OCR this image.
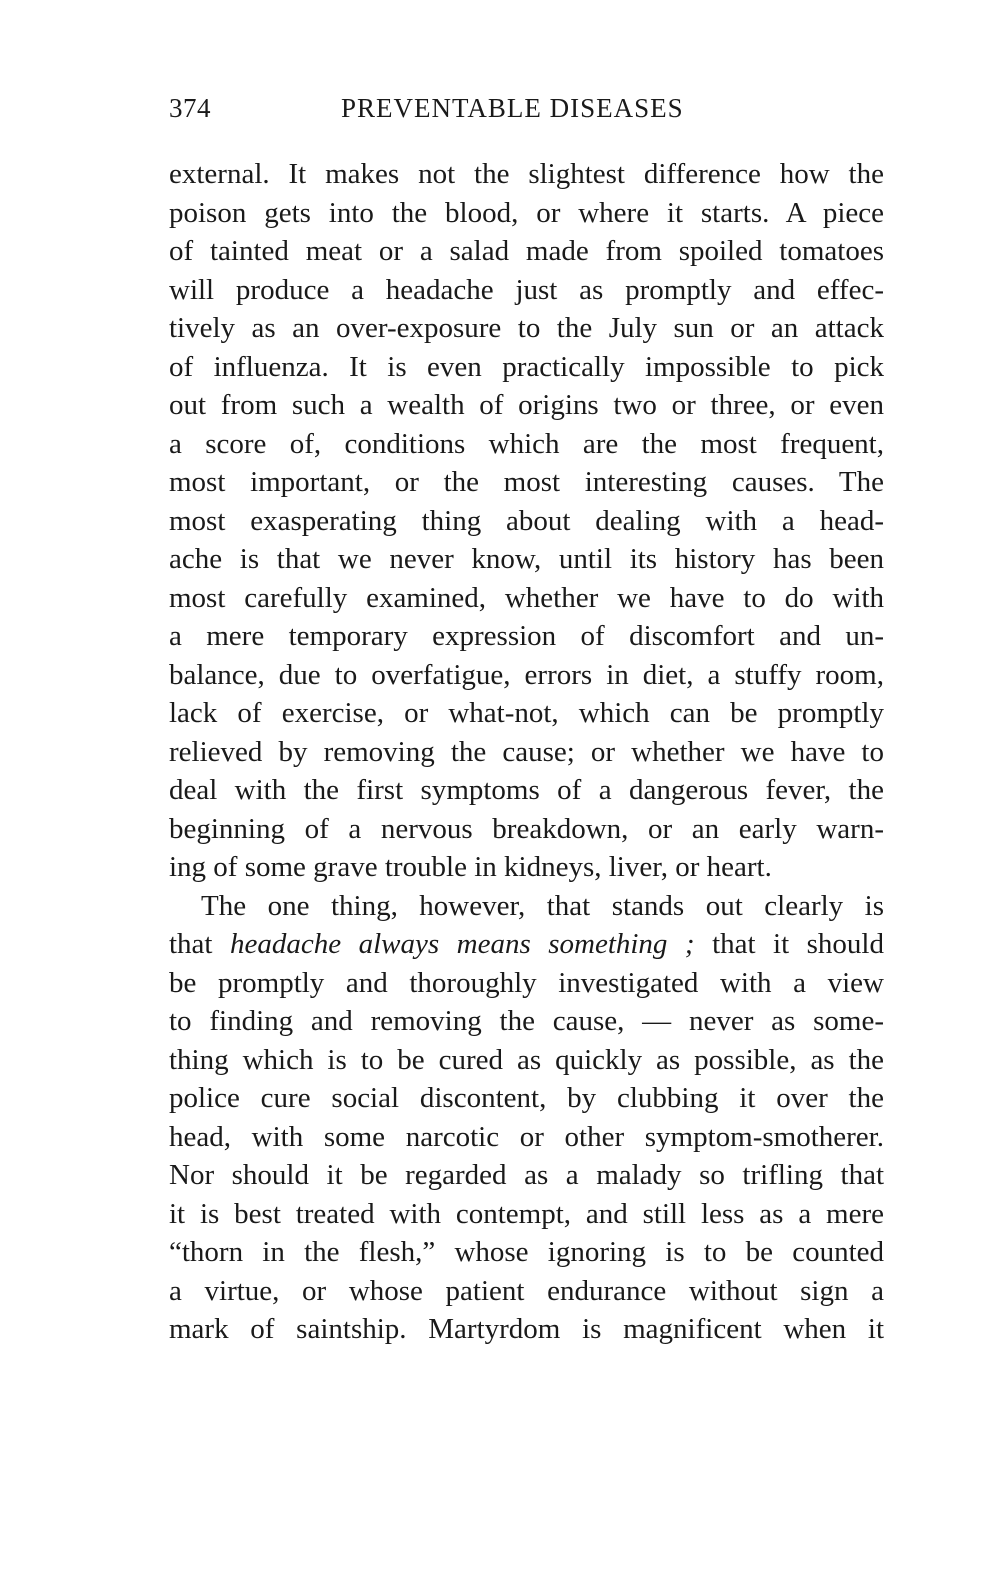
374	PREVENTABLE DISEASES
external. It makes not the slightest difference how the
poison gets into the blood, or where it starts. A piece
of tainted meat or a salad made from spoiled tomatoes
will produce a headache just as promptly and effec-
tively as an over-exposure to the July sun or an attack
of influenza. It is even practically impossible to pick
out from such a wealth of origins two or three, or even
a score of, conditions which are the most frequent,
most important, or the most interesting causes. The
most exasperating thing about dealing with a head-
ache is that we never know, until its history has been
most carefully examined, whether we have to do with
a mere temporary expression of discomfort and un-
balance, due to overfatigue, errors in diet, a stuffy room,
lack of exercise, or what-not, which can be promptly
relieved by removing the cause; or whether we have to
deal with the first symptoms of a dangerous fever, the
beginning of a nervous breakdown, or an early warn-
ing of some grave trouble in kidneys, liver, or heart.
The one thing, however, that stands out clearly is
that headache always means something ; that it should
be promptly and thoroughly investigated with a view
to finding and removing the cause, — never as some-
thing which is to be cured as quickly as possible, as the
police cure social discontent, by clubbing it over the
head, with some narcotic or other symptom-smotherer.
Nor should it be regarded as a malady so trifling that
it is best treated with contempt, and still less as a mere
“thorn in the flesh,” whose ignoring is to be counted
a virtue, or whose patient endurance without sign a
mark of saintship. Martyrdom is magnificent when it
